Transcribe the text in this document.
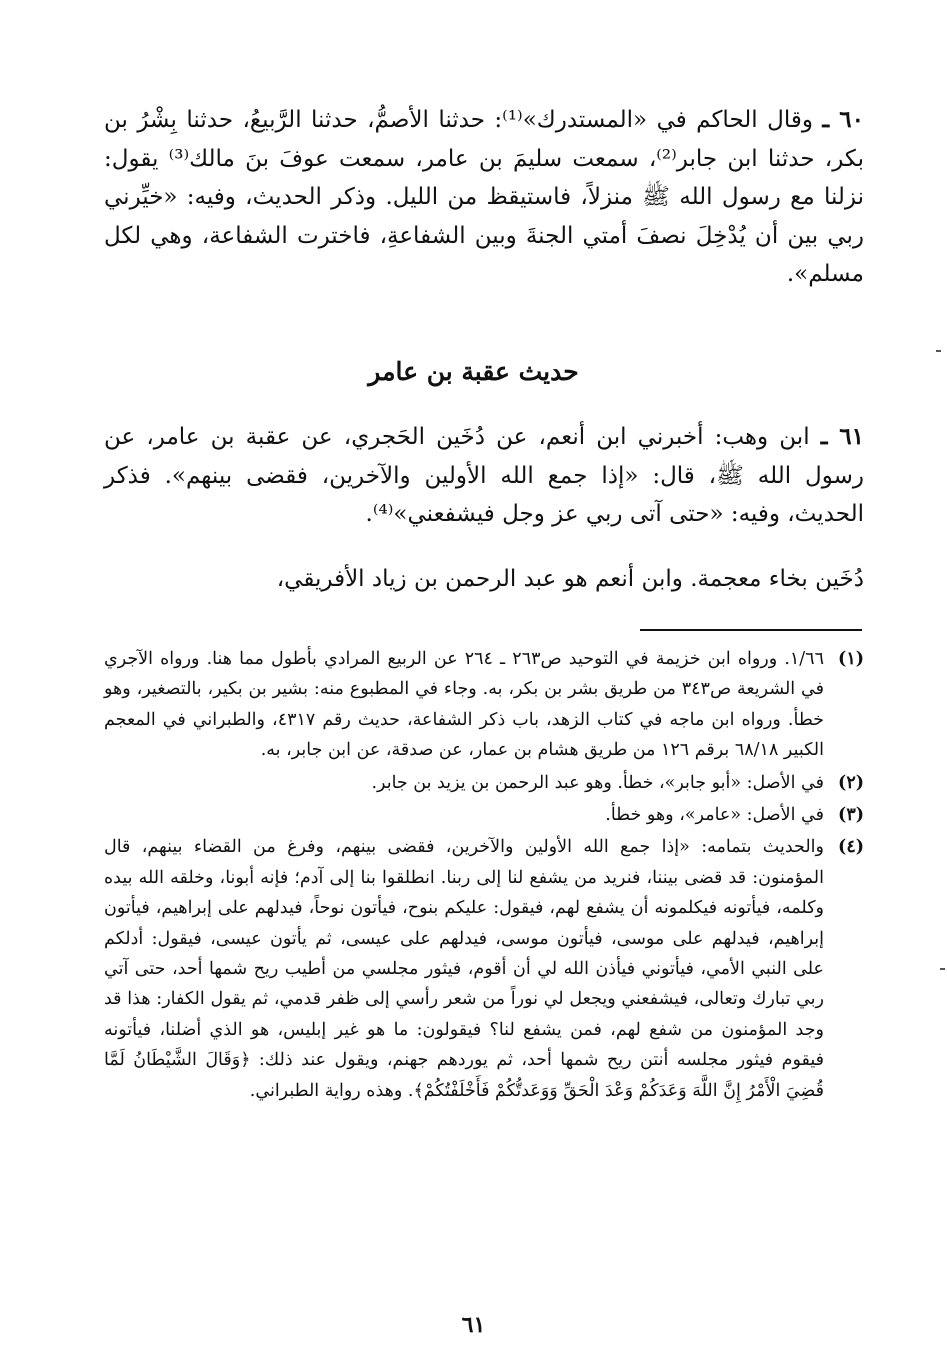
٦٠ ـ وقال الحاكم في «المستدرك»⁽¹⁾: حدثنا الأصمُّ، حدثنا الرَّبيعُ، حدثنا بِشْرُ بن بكر، حدثنا ابن جابر⁽²⁾، سمعت سليمَ بن عامر، سمعت عوفَ بنَ مالك⁽³⁾ يقول: نزلنا مع رسول الله ﷺ منزلاً، فاستيقظ من الليل. وذكر الحديث، وفيه: «خيِّرني ربي بين أن يُدْخِلَ نصفَ أمتي الجنةَ وبين الشفاعةِ، فاخترت الشفاعة، وهي لكل مسلم».
حديث عقبة بن عامر
٦١ ـ ابن وهب: أخبرني ابن أنعم، عن دُخَين الحَجري، عن عقبة بن عامر، عن رسول الله ﷺ، قال: «إذا جمع الله الأولين والآخرين، فقضى بينهم». فذكر الحديث، وفيه: «حتى آتى ربي عز وجل فيشفعني»⁽⁴⁾.
دُخَين بخاء معجمة. وابن أنعم هو عبد الرحمن بن زياد الأفريقي،
(١)
١/٦٦. ورواه ابن خزيمة في التوحيد ص٢٦٣ ـ ٢٦٤ عن الربيع المرادي بأطول مما هنا. ورواه الآجري في الشريعة ص٣٤٣ من طريق بشر بن بكر، به. وجاء في المطبوع منه: بشير بن بكير، بالتصغير، وهو خطأ. ورواه ابن ماجه في كتاب الزهد، باب ذكر الشفاعة، حديث رقم ٤٣١٧، والطبراني في المعجم الكبير ٦٨/١٨ برقم ١٢٦ من طريق هشام بن عمار، عن صدقة، عن ابن جابر، به.
(٢)
في الأصل: «أبو جابر»، خطأ. وهو عبد الرحمن بن يزيد بن جابر.
(٣)
في الأصل: «عامر»، وهو خطأ.
(٤)
والحديث بتمامه: «إذا جمع الله الأولين والآخرين، فقضى بينهم، وفرغ من القضاء بينهم، قال المؤمنون: قد قضى بيننا، فنريد من يشفع لنا إلى ربنا. انطلقوا بنا إلى آدم؛ فإنه أبونا، وخلقه الله بيده وكلمه، فيأتونه فيكلمونه أن يشفع لهم، فيقول: عليكم بنوح، فيأتون نوحاً، فيدلهم على إبراهيم، فيأتون إبراهيم، فيدلهم على موسى، فيأتون موسى، فيدلهم على عيسى، ثم يأتون عيسى، فيقول: أدلكم على النبي الأمي، فيأتوني فيأذن الله لي أن أقوم، فيثور مجلسي من أطيب ريح شمها أحد، حتى آتي ربي تبارك وتعالى، فيشفعني ويجعل لي نوراً من شعر رأسي إلى ظفر قدمي، ثم يقول الكفار: هذا قد وجد المؤمنون من شفع لهم، فمن يشفع لنا؟ فيقولون: ما هو غير إبليس، هو الذي أضلنا، فيأتونه فيقوم فيثور مجلسه أنتن ريح شمها أحد، ثم يوردهم جهنم، ويقول عند ذلك: ﴿وَقَالَ الشَّيْطَانُ لَمَّا قُضِيَ الْأَمْرُ إِنَّ اللَّهَ وَعَدَكُمْ وَعْدَ الْحَقِّ وَوَعَدتُّكُمْ فَأَخْلَفْتُكُمْ﴾. وهذه رواية الطبراني.
٦١
